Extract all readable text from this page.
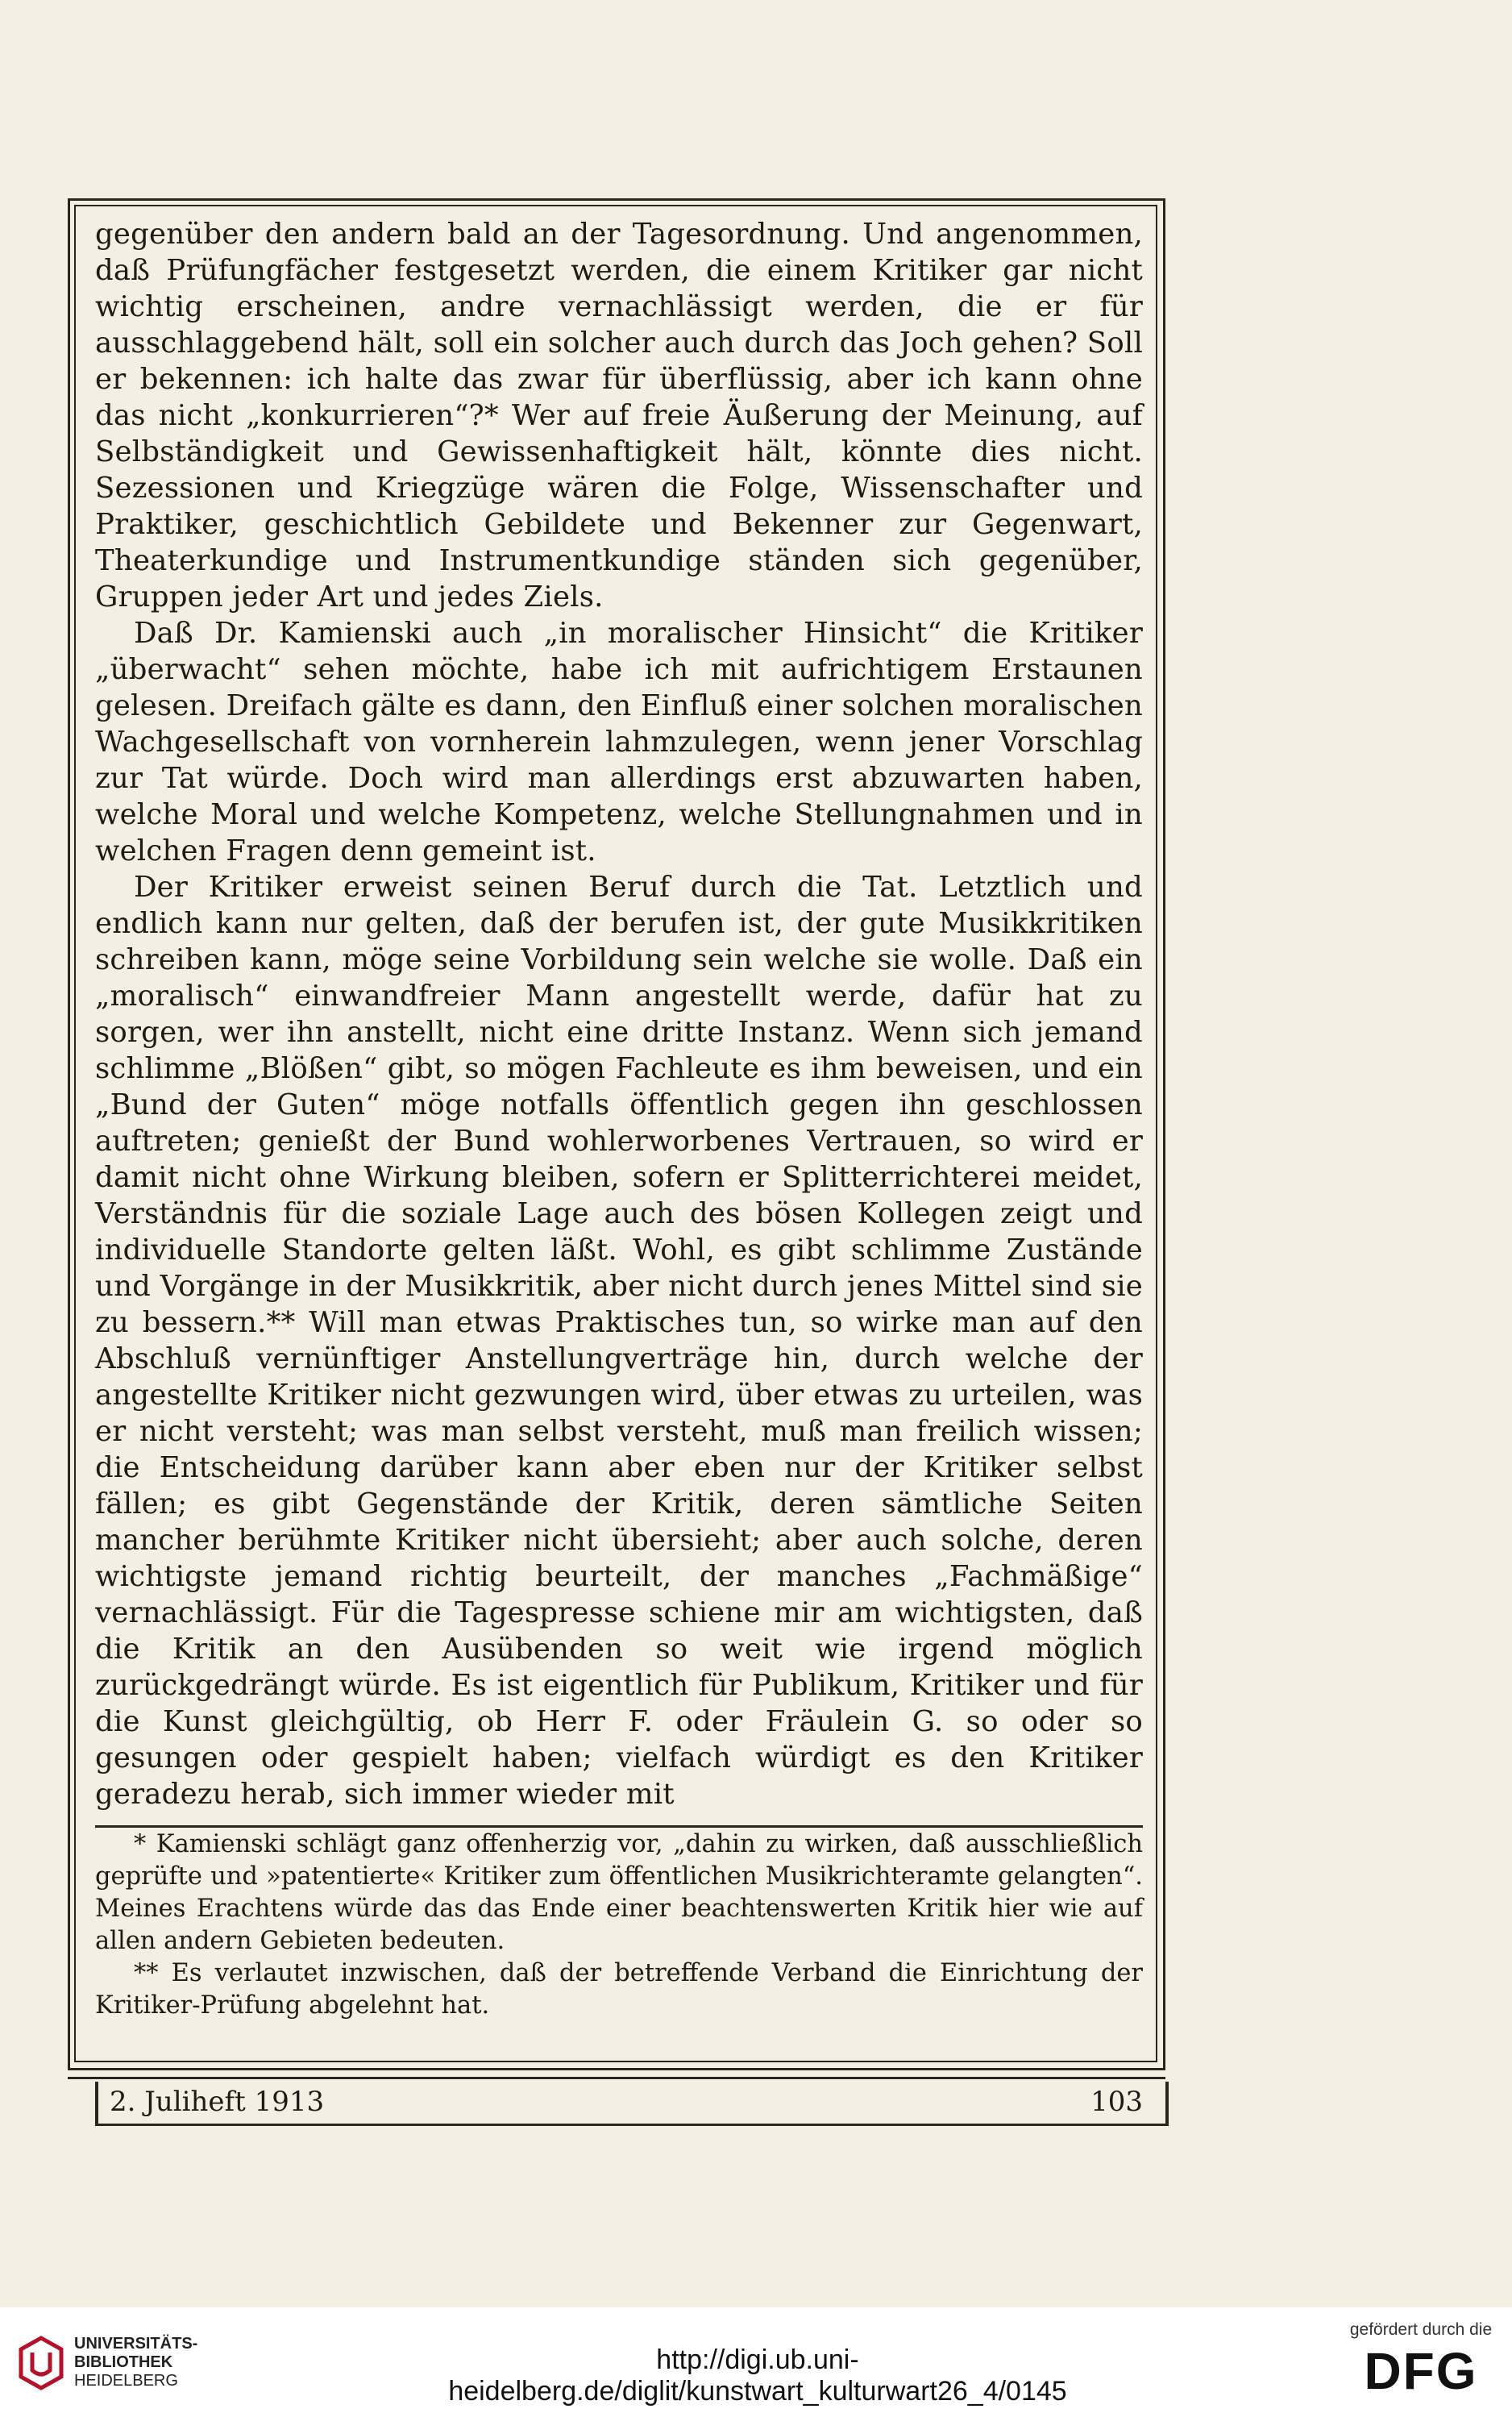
gegenüber den andern bald an der Tagesordnung. Und angenommen, daß Prüfungfächer festgesetzt werden, die einem Kritiker gar nicht wichtig erscheinen, andre vernachlässigt werden, die er für ausschlaggebend hält, soll ein solcher auch durch das Joch gehen? Soll er bekennen: ich halte das zwar für überflüssig, aber ich kann ohne das nicht „konkurrieren“?* Wer auf freie Äußerung der Meinung, auf Selbständigkeit und Gewissenhaftigkeit hält, könnte dies nicht. Sezessionen und Kriegzüge wären die Folge, Wissenschafter und Praktiker, geschichtlich Gebildete und Bekenner zur Gegenwart, Theaterkundige und Instrumentkundige ständen sich gegenüber, Gruppen jeder Art und jedes Ziels.

Daß Dr. Kamienski auch „in moralischer Hinsicht“ die Kritiker „überwacht“ sehen möchte, habe ich mit aufrichtigem Erstaunen gelesen. Dreifach gälte es dann, den Einfluß einer solchen moralischen Wachgesellschaft von vornherein lahmzulegen, wenn jener Vorschlag zur Tat würde. Doch wird man allerdings erst abzuwarten haben, welche Moral und welche Kompetenz, welche Stellungnahmen und in welchen Fragen denn gemeint ist.

Der Kritiker erweist seinen Beruf durch die Tat. Letztlich und endlich kann nur gelten, daß der berufen ist, der gute Musikkritiken schreiben kann, möge seine Vorbildung sein welche sie wolle. Daß ein „moralisch“ einwandfreier Mann angestellt werde, dafür hat zu sorgen, wer ihn anstellt, nicht eine dritte Instanz. Wenn sich jemand schlimme „Blößen“ gibt, so mögen Fachleute es ihm beweisen, und ein „Bund der Guten“ möge notfalls öffentlich gegen ihn geschlossen auftreten; genießt der Bund wohlerworbenes Vertrauen, so wird er damit nicht ohne Wirkung bleiben, sofern er Splitterrichterei meidet, Verständnis für die soziale Lage auch des bösen Kollegen zeigt und individuelle Standorte gelten läßt. Wohl, es gibt schlimme Zustände und Vorgänge in der Musikkritik, aber nicht durch jenes Mittel sind sie zu bessern.** Will man etwas Praktisches tun, so wirke man auf den Abschluß vernünftiger Anstellungverträge hin, durch welche der angestellte Kritiker nicht gezwungen wird, über etwas zu urteilen, was er nicht versteht; was man selbst versteht, muß man freilich wissen; die Entscheidung darüber kann aber eben nur der Kritiker selbst fällen; es gibt Gegenstände der Kritik, deren sämtliche Seiten mancher berühmte Kritiker nicht übersieht; aber auch solche, deren wichtigste jemand richtig beurteilt, der manches „Fachmäßige“ vernachlässigt. Für die Tagespresse schiene mir am wichtigsten, daß die Kritik an den Ausübenden so weit wie irgend möglich zurückgedrängt würde. Es ist eigentlich für Publikum, Kritiker und für die Kunst gleichgültig, ob Herr F. oder Fräulein G. so oder so gesungen oder gespielt haben; vielfach würdigt es den Kritiker geradezu herab, sich immer wieder mit

* Kamienski schlägt ganz offenherzig vor, „dahin zu wirken, daß ausschließlich geprüfte und »patentierte« Kritiker zum öffentlichen Musikrichteramte gelangten“. Meines Erachtens würde das das Ende einer beachtenswerten Kritik hier wie auf allen andern Gebieten bedeuten.

** Es verlautet inzwischen, daß der betreffende Verband die Einrichtung der Kritiker-Prüfung abgelehnt hat.

2. Juliheft 1913	103
UNIVERSITÄTS-
BIBLIOTHEK
HEIDELBERG
http://digi.ub.uni-heidelberg.de/diglit/kunstwart_kulturwart26_4/0145
gefördert durch die
DFG
